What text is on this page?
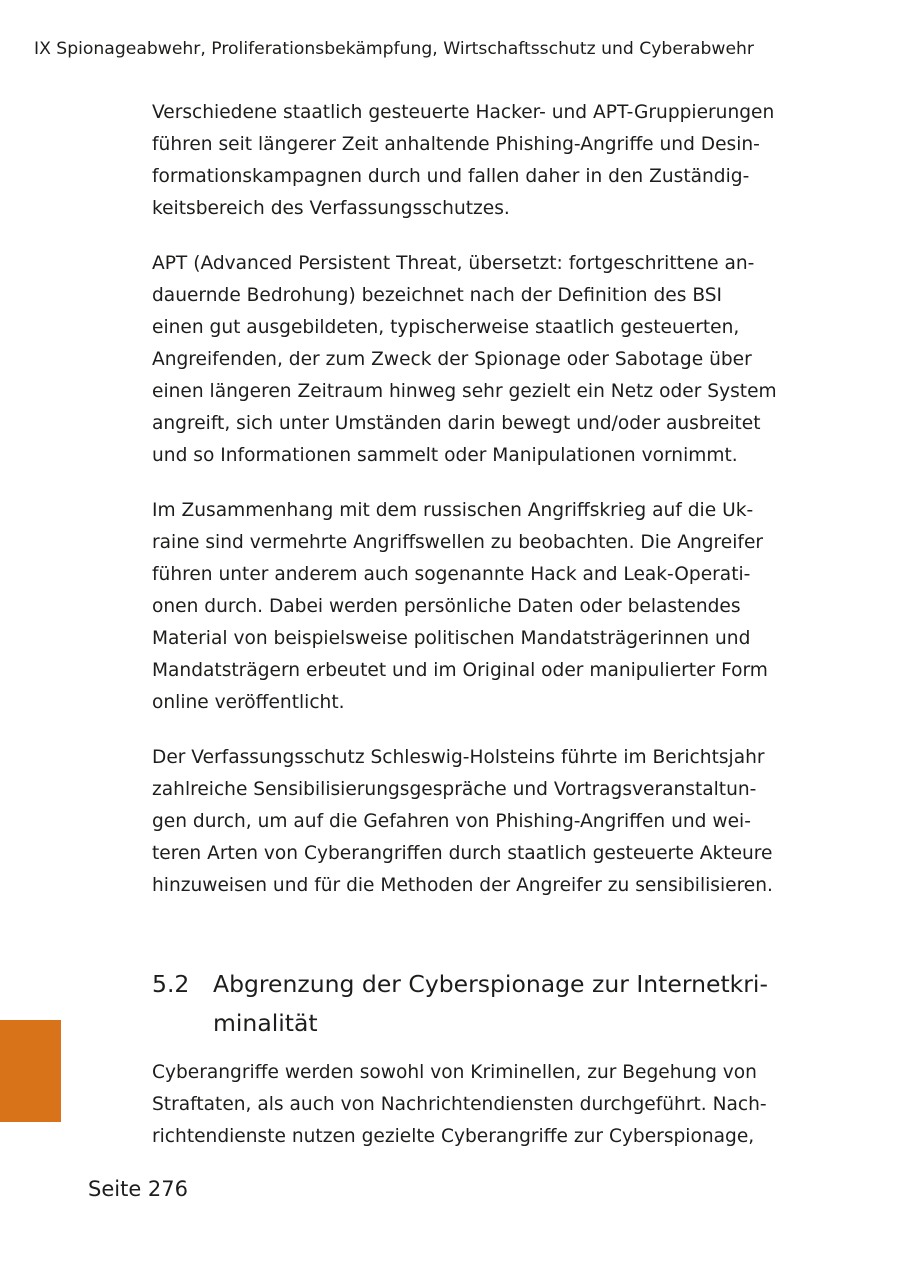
IX Spionageabwehr, Proliferationsbekämpfung, Wirtschaftsschutz und Cyberabwehr

Verschiedene staatlich gesteuerte Hacker- und APT-Gruppierungen
führen seit längerer Zeit anhaltende Phishing-Angriffe und Desin-
formationskampagnen durch und fallen daher in den Zuständig-
keitsbereich des Verfassungsschutzes.

APT (Advanced Persistent Threat, übersetzt: fortgeschrittene an-
dauernde Bedrohung) bezeichnet nach der Definition des BSI
einen gut ausgebildeten, typischerweise staatlich gesteuerten,
Angreifenden, der zum Zweck der Spionage oder Sabotage über
einen längeren Zeitraum hinweg sehr gezielt ein Netz oder System
angreift, sich unter Umständen darin bewegt und/oder ausbreitet
und so Informationen sammelt oder Manipulationen vornimmt.

Im Zusammenhang mit dem russischen Angriffskrieg auf die Uk-
raine sind vermehrte Angriffswellen zu beobachten. Die Angreifer
führen unter anderem auch sogenannte Hack and Leak-Operati-
onen durch. Dabei werden persönliche Daten oder belastendes
Material von beispielsweise politischen Mandatsträgerinnen und
Mandatsträgern erbeutet und im Original oder manipulierter Form
online veröffentlicht.

Der Verfassungsschutz Schleswig-Holsteins führte im Berichtsjahr
zahlreiche Sensibilisierungsgespräche und Vortragsveranstaltun-
gen durch, um auf die Gefahren von Phishing-Angriffen und wei-
teren Arten von Cyberangriffen durch staatlich gesteuerte Akteure
hinzuweisen und für die Methoden der Angreifer zu sensibilisieren.

5.2 Abgrenzung der Cyberspionage zur Internetkri-
minalität

Cyberangriffe werden sowohl von Kriminellen, zur Begehung von
Straftaten, als auch von Nachrichtendiensten durchgeführt. Nach-
richtendienste nutzen gezielte Cyberangriffe zur Cyberspionage,

Seite 276
